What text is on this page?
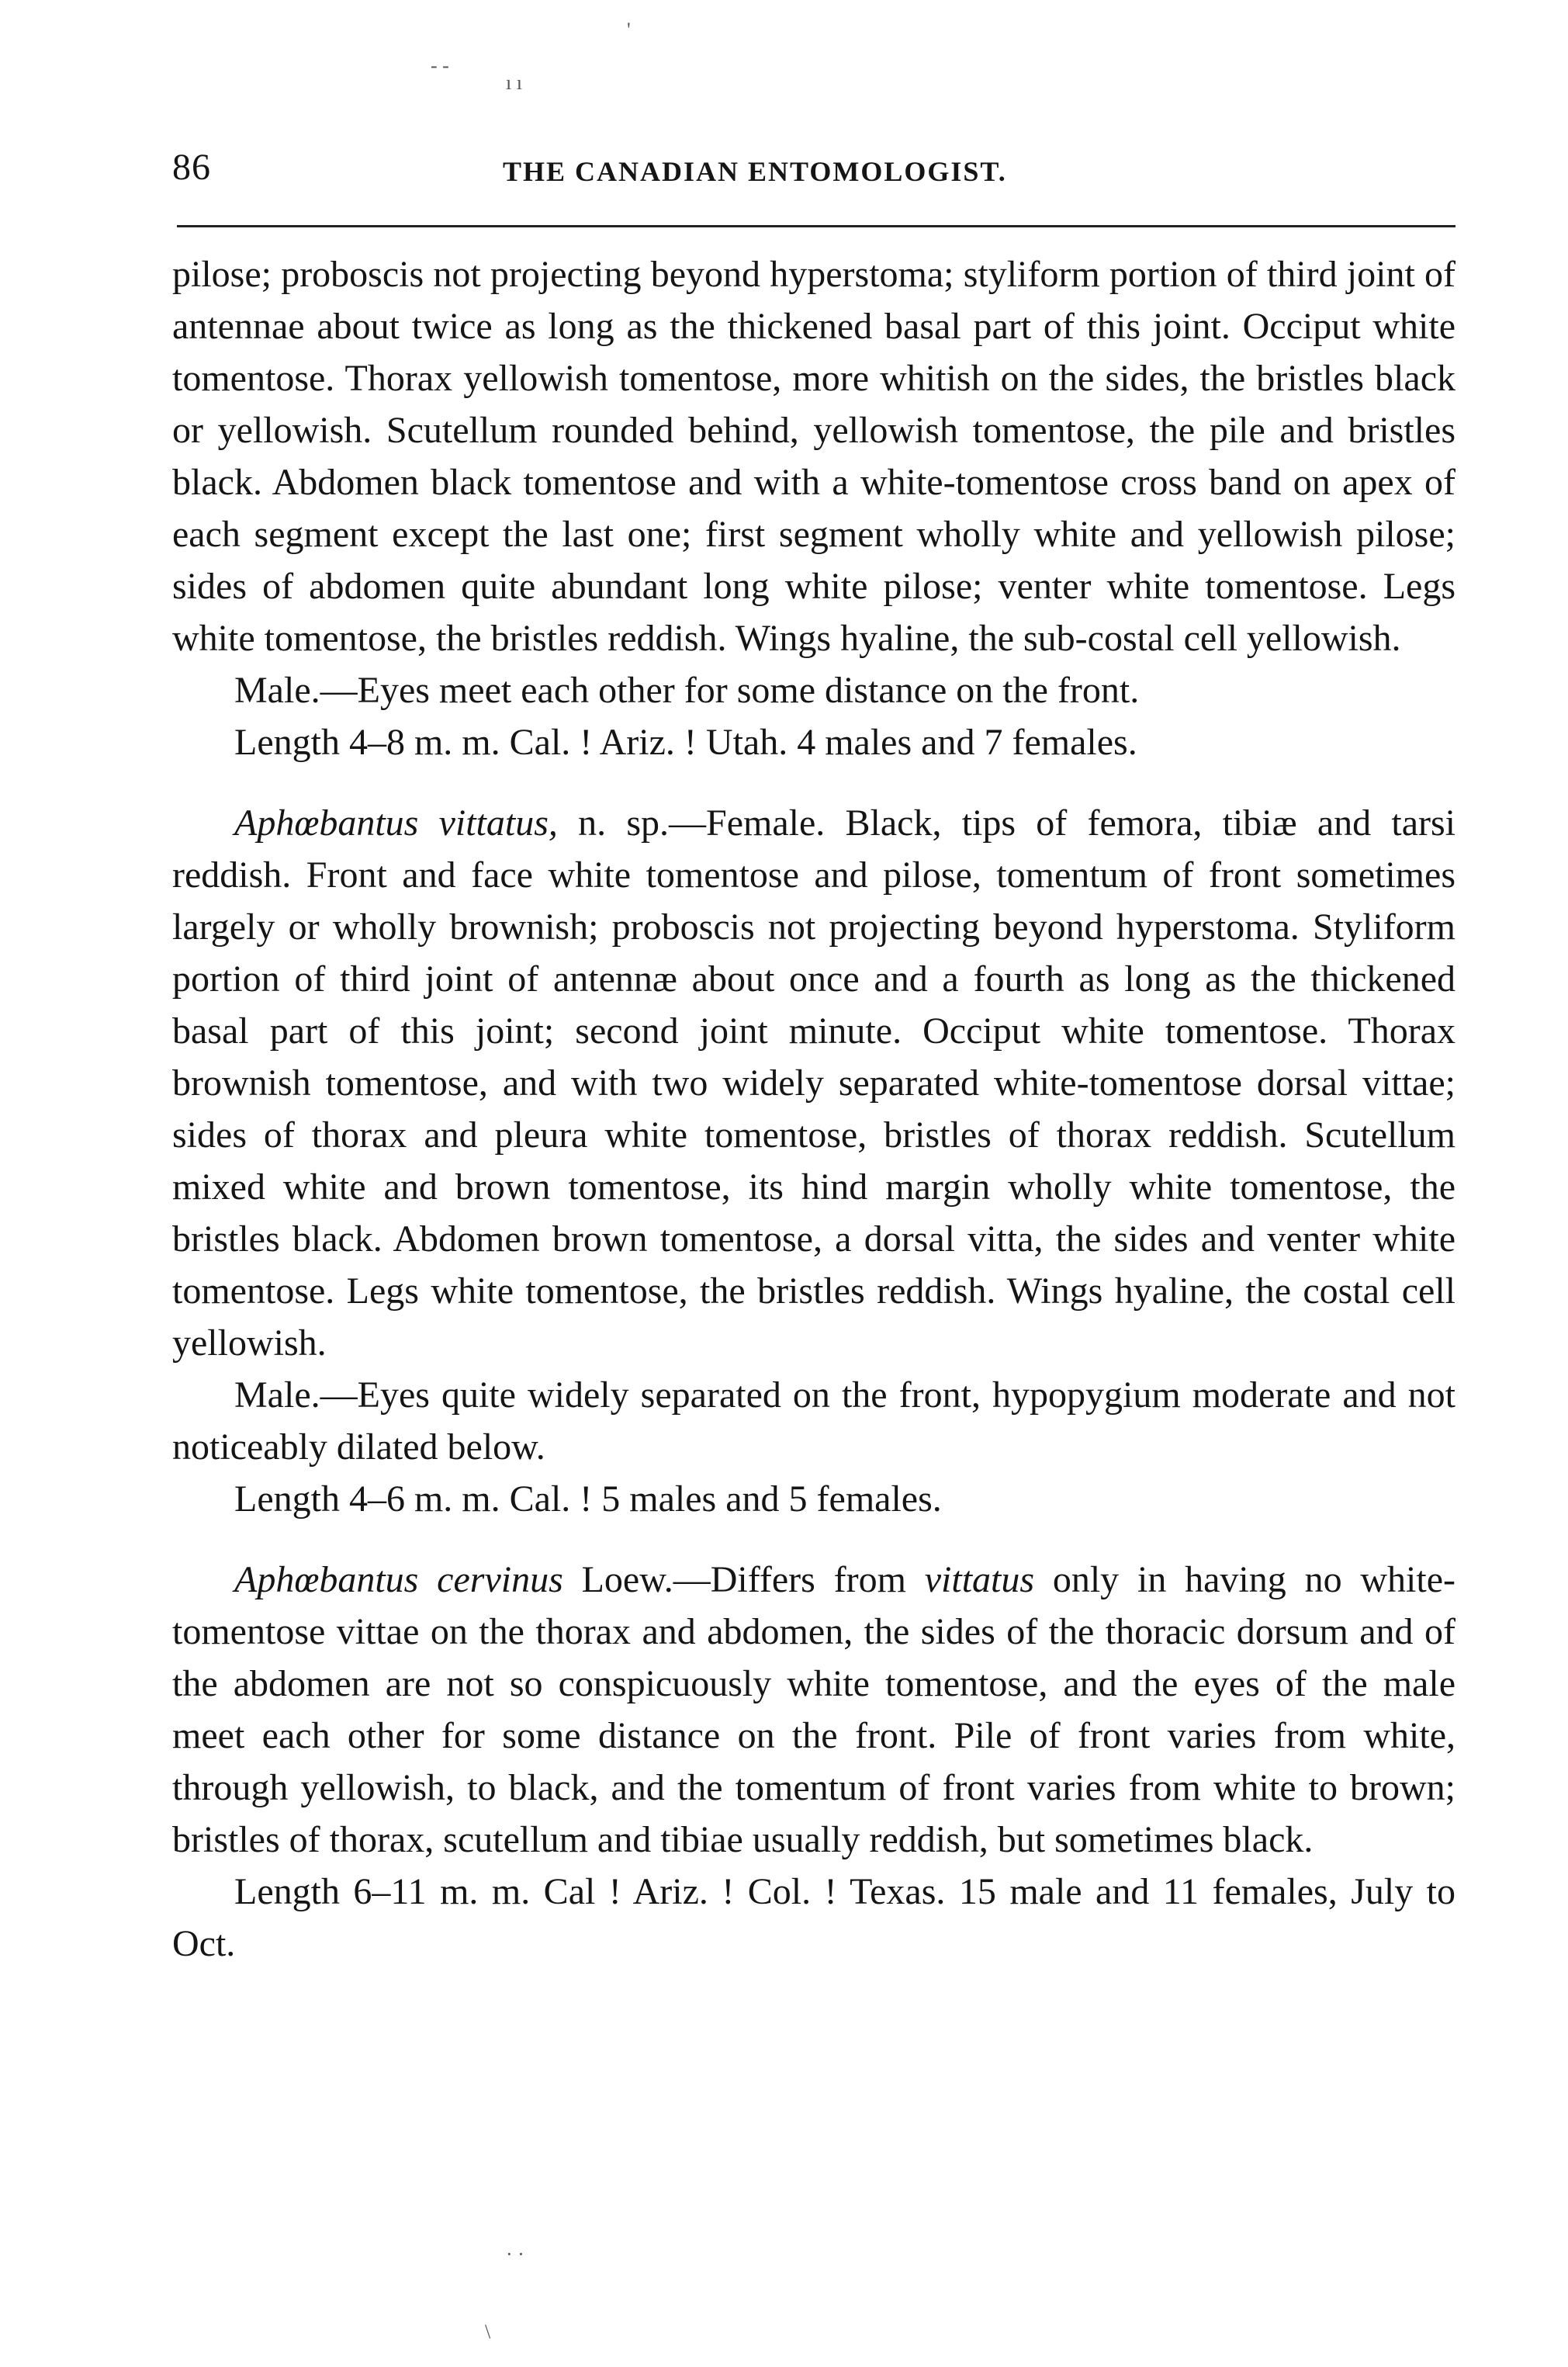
'
- -
ı ı
86	THE CANADIAN ENTOMOLOGIST.

pilose; proboscis not projecting beyond hyperstoma; styliform portion of third joint of antennae about twice as long as the thickened basal part of this joint. Occiput white tomentose. Thorax yellowish tomentose, more whitish on the sides, the bristles black or yellowish. Scutellum rounded behind, yellowish tomentose, the pile and bristles black. Abdomen black tomentose and with a white-tomentose cross band on apex of each segment except the last one; first segment wholly white and yellowish pilose; sides of abdomen quite abundant long white pilose; venter white tomentose. Legs white tomentose, the bristles reddish. Wings hyaline, the sub-costal cell yellowish.

Male.—Eyes meet each other for some distance on the front.

Length 4–8 m. m. Cal. ! Ariz. ! Utah. 4 males and 7 females.

Aphœbantus vittatus, n. sp.—Female. Black, tips of femora, tibiæ and tarsi reddish. Front and face white tomentose and pilose, tomentum of front sometimes largely or wholly brownish; proboscis not projecting beyond hyperstoma. Styliform portion of third joint of antennæ about once and a fourth as long as the thickened basal part of this joint; second joint minute. Occiput white tomentose. Thorax brownish tomentose, and with two widely separated white-tomentose dorsal vittae; sides of thorax and pleura white tomentose, bristles of thorax reddish. Scutellum mixed white and brown tomentose, its hind margin wholly white tomentose, the bristles black. Abdomen brown tomentose, a dorsal vitta, the sides and venter white tomentose. Legs white tomentose, the bristles reddish. Wings hyaline, the costal cell yellowish.

Male.—Eyes quite widely separated on the front, hypopygium moderate and not noticeably dilated below.

Length 4–6 m. m. Cal. ! 5 males and 5 females.

Aphœbantus cervinus Loew.—Differs from vittatus only in having no white-tomentose vittae on the thorax and abdomen, the sides of the thoracic dorsum and of the abdomen are not so conspicuously white tomentose, and the eyes of the male meet each other for some distance on the front. Pile of front varies from white, through yellowish, to black, and the tomentum of front varies from white to brown; bristles of thorax, scutellum and tibiae usually reddish, but sometimes black.

Length 6–11 m. m. Cal ! Ariz. ! Col. ! Texas. 15 male and 11 females, July to Oct.

· ·
\
